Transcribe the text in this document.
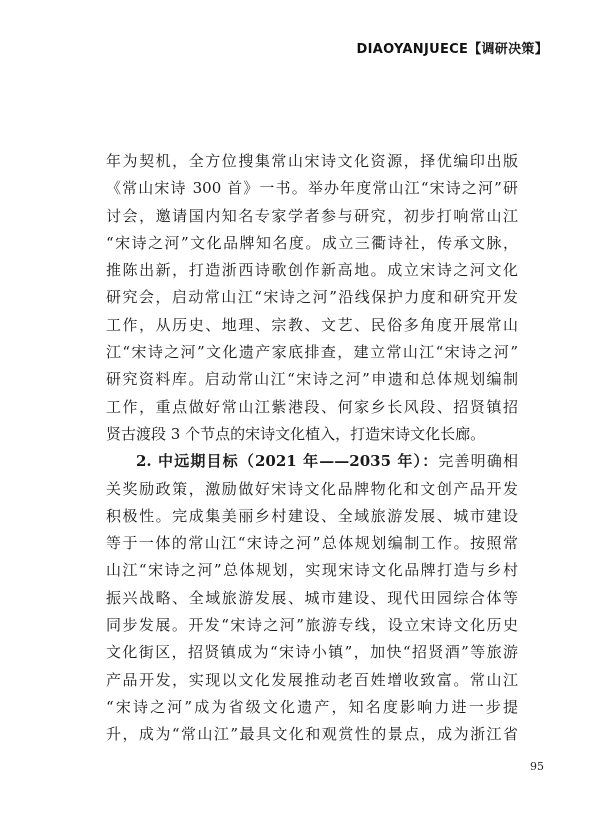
DIAOYANJUECE【调研决策】
年为契机，全方位搜集常山宋诗文化资源，择优编印出版
《常山宋诗 300 首》一书。举办年度常山江“宋诗之河”研
讨会，邀请国内知名专家学者参与研究，初步打响常山江
“宋诗之河”文化品牌知名度。成立三衢诗社，传承文脉，
推陈出新，打造浙西诗歌创作新高地。成立宋诗之河文化
研究会，启动常山江“宋诗之河”沿线保护力度和研究开发
工作，从历史、地理、宗教、文艺、民俗多角度开展常山
江“宋诗之河”文化遗产家底排查，建立常山江“宋诗之河”
研究资料库。启动常山江“宋诗之河”申遗和总体规划编制
工作，重点做好常山江紫港段、何家乡长风段、招贤镇招
贤古渡段 3 个节点的宋诗文化植入，打造宋诗文化长廊。
2. 中远期目标（2021 年——2035 年）：完善明确相
关奖励政策，激励做好宋诗文化品牌物化和文创产品开发
积极性。完成集美丽乡村建设、全域旅游发展、城市建设
等于一体的常山江“宋诗之河”总体规划编制工作。按照常
山江“宋诗之河”总体规划，实现宋诗文化品牌打造与乡村
振兴战略、全域旅游发展、城市建设、现代田园综合体等
同步发展。开发“宋诗之河”旅游专线，设立宋诗文化历史
文化街区，招贤镇成为“宋诗小镇”，加快“招贤酒”等旅游
产品开发，实现以文化发展推动老百姓增收致富。常山江
“宋诗之河”成为省级文化遗产，知名度影响力进一步提
升，成为“常山江”最具文化和观赏性的景点，成为浙江省
95
